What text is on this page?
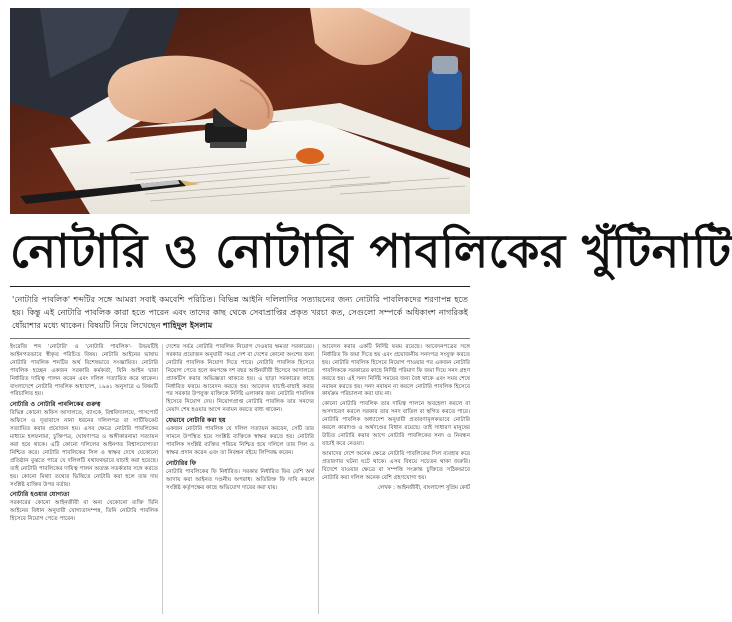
নোটারি ও নোটারি পাবলিকের খুঁটিনাটি
'নোটারি পাবলিক' শব্দটির সঙ্গে আমরা সবাই কমবেশি পরিচিত। বিভিন্ন আইনি দলিলাদির সত্যায়নের জন্য নোটারি পাবলিকদের শরণাপন্ন হতে হয়। কিন্তু এই নোটারি পাবলিক কারা হতে পারেন এবং তাদের কাছ থেকে সেবাপ্রাপ্তির প্রকৃত খরচা কত, সেগুলো সম্পর্কে অধিকাংশ নাগরিকই ধোঁয়াশার মধ্যে থাকেন। বিষয়টি নিয়ে লিখেছেন শাহিদুল ইসলাম

ইংরেজি শব্দ 'নোটারি' ও 'নোটারি পাবলিক'- উভয়টিই আইনগতভাবে স্বীকৃত পরিচিত বিষয়। নোটারি আইনের ভাষায় নোটারি পাবলিক শব্দটির অর্থ বিশেষভাবে সংজ্ঞায়িত। নোটারি পাবলিক হচ্ছেন একজন সরকারি কর্মকর্তা, যিনি আইন দ্বারা নির্ধারিত দায়িত্ব পালন করেন এবং দলিল সত্যায়িত করে থাকেন। বাংলাদেশে নোটারি পাবলিক অধ্যাদেশ, ১৯৬১ অনুসারে এ বিষয়টি পরিচালিত হয়।

নোটারি ও নোটারি পাবলিকের গুরুত্ব

বিভিন্ন কোনো অফিস আদালতে, ব্যাংকে, বিশ্ববিদ্যালয়ে, পাসপোর্ট অফিসে ও দূতাবাসে নানা ধরনের দলিলপত্র বা সার্টিফিকেট সত্যায়িত করার প্রয়োজন হয়। এসব ক্ষেত্রে নোটারি পাবলিকের মাধ্যমে হলফনামা, চুক্তিপত্র, ঘোষণাপত্র ও অঙ্গীকারনামা সত্যায়ন করা হয়ে থাকে। এটি কোনো দলিলের আইনগত বিশ্বাসযোগ্যতা নিশ্চিত করে। নোটারি পাবলিকের সিল ও স্বাক্ষর দেখে যেকোনো প্রতিষ্ঠান বুঝতে পারে যে দলিলটি যথাযথভাবে যাচাই করা হয়েছে। তাই নোটারি পাবলিকের দায়িত্ব পালন অত্যন্ত সতর্কতার সঙ্গে করতে হয়। কোনো মিথ্যা তথ্যের ভিত্তিতে নোটারি করা হলে তার দায় সংশ্লিষ্ট ব্যক্তির উপর বর্তায়।

নোটারি হওয়ার যোগ্যতা

সরকারের কোনো আইনজীবী বা অন্য যেকোনো ব্যক্তি যিনি আইনের বিধান অনুযায়ী যোগ্যতাসম্পন্ন, তিনি নোটারি পাবলিক হিসেবে নিয়োগ পেতে পারেন।

দেশের সর্বত্র নোটারি পাবলিক নিয়োগ দেওয়ার ক্ষমতা সরকারের। সরকার প্রয়োজন অনুযায়ী সমগ্র দেশ বা দেশের কোনো অংশের জন্য নোটারি পাবলিক নিয়োগ দিতে পারে। নোটারি পাবলিক হিসেবে নিয়োগ পেতে হলে কমপক্ষে দশ বছর আইনজীবী হিসেবে আদালতে প্র্যাকটিস করার অভিজ্ঞতা থাকতে হয়। এ ছাড়া সরকারের কাছে নির্ধারিত ফরমে আবেদন করতে হয়। আবেদন যাচাই-বাছাই করার পর সরকার উপযুক্ত ব্যক্তিকে নির্দিষ্ট এলাকার জন্য নোটারি পাবলিক হিসেবে নিয়োগ দেয়। নিয়োগপ্রাপ্ত নোটারি পাবলিক তার সনদের মেয়াদ শেষ হওয়ার আগে নবায়ন করতে বাধ্য থাকেন।

যেভাবে নোটারি করা হয়

একজন নোটারি পাবলিক যে দলিল সত্যায়ন করবেন, সেটি তার সামনে উপস্থিত হয়ে সংশ্লিষ্ট ব্যক্তিকে স্বাক্ষর করতে হয়। নোটারি পাবলিক সংশ্লিষ্ট ব্যক্তির পরিচয় নিশ্চিত হয়ে দলিলে তার সিল ও স্বাক্ষর প্রদান করেন এবং তা নিবন্ধন বইয়ে লিপিবদ্ধ করেন।

নোটারির ফি

নোটারি পাবলিকের ফি নির্ধারিত। সরকার নির্ধারিত ফির বেশি অর্থ আদায় করা আইনত দণ্ডনীয় অপরাধ। অতিরিক্ত ফি দাবি করলে সংশ্লিষ্ট কর্তৃপক্ষের কাছে অভিযোগ দায়ের করা যায়।

আবেদন করার একটি নির্দিষ্ট ফরম রয়েছে। আবেদনপত্রের সঙ্গে নির্ধারিত ফি জমা দিতে হয় এবং প্রয়োজনীয় সনদপত্র সংযুক্ত করতে হয়। নোটারি পাবলিক হিসেবে নিয়োগ পাওয়ার পর একজন নোটারি পাবলিককে সরকারের কাছে নির্দিষ্ট পরিমাণ ফি জমা দিয়ে সনদ গ্রহণ করতে হয়। এই সনদ নির্দিষ্ট সময়ের জন্য বৈধ থাকে এবং সময় শেষে নবায়ন করতে হয়। সনদ নবায়ন না করলে নোটারি পাবলিক হিসেবে কার্যক্রম পরিচালনা করা যায় না।

কোনো নোটারি পাবলিক তার দায়িত্ব পালনে অবহেলা করলে বা অসদাচরণ করলে সরকার তার সনদ বাতিল বা স্থগিত করতে পারে। নোটারি পাবলিক অধ্যাদেশ অনুযায়ী প্রতারণামূলকভাবে নোটারি করলে কারাদণ্ড ও অর্থদণ্ডের বিধান রয়েছে। তাই সাধারণ মানুষের উচিত নোটারি করার আগে নোটারি পাবলিকের সনদ ও নিবন্ধন যাচাই করে নেওয়া।

আমাদের দেশে অনেক ক্ষেত্রে নোটারি পাবলিকের সিল ব্যবহার করে প্রতারণার ঘটনা ঘটে থাকে। এসব বিষয়ে সচেতন থাকা জরুরি। বিদেশে যাওয়ার ক্ষেত্রে বা সম্পত্তি সংক্রান্ত চুক্তিতে সঠিকভাবে নোটারি করা দলিল অনেক বেশি গ্রহণযোগ্য হয়।

লেখক : আইনজীবী, বাংলাদেশ সুপ্রিম কোর্ট
